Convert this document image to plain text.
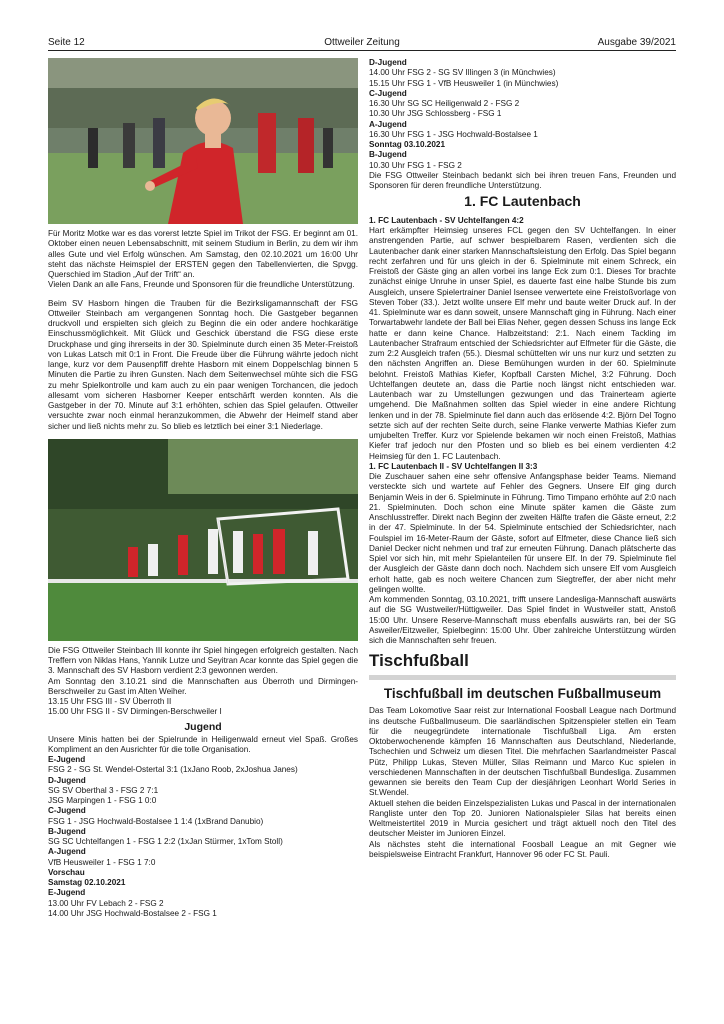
Seite 12	Ottweiler Zeitung	Ausgabe 39/2021

Für Moritz Motke war es das vorerst letzte Spiel im Trikot der FSG. Er beginnt am 01. Oktober einen neuen Lebensabschnitt, mit seinem Studium in Berlin, zu dem wir ihm alles Gute und viel Erfolg wünschen. Am Samstag, den 02.10.2021 um 16:00 Uhr steht das nächste Heimspiel der ERSTEN gegen den Tabellenvierten, die Spvgg. Querschied im Stadion „Auf der Trift“ an.

Vielen Dank an alle Fans, Freunde und Sponsoren für die freundliche Unterstützung.

Beim SV Hasborn hingen die Trauben für die Bezirksligamannschaft der FSG Ottweiler Steinbach am vergangenen Sonntag hoch. Die Gastgeber begannen druckvoll und erspielten sich gleich zu Beginn die ein oder andere hochkarätige Einschussmöglichkeit. Mit Glück und Geschick überstand die FSG diese erste Druckphase und ging ihrerseits in der 30. Spielminute durch einen 35 Meter-Freistoß von Lukas Latsch mit 0:1 in Front. Die Freude über die Führung währte jedoch nicht lange, kurz vor dem Pausenpfiff drehte Hasborn mit einem Doppelschlag binnen 5 Minuten die Partie zu ihren Gunsten. Nach dem Seitenwechsel mühte sich die FSG zu mehr Spielkontrolle und kam auch zu ein paar wenigen Torchancen, die jedoch allesamt vom sicheren Hasborner Keeper entschärft werden konnten. Als die Gastgeber in der 70. Minute auf 3:1 erhöhten, schien das Spiel gelaufen. Ottweiler versuchte zwar noch einmal heranzukommen, die Abwehr der Heimelf stand aber sicher und ließ nichts mehr zu. So blieb es letztlich bei einer 3:1 Niederlage.

Die FSG Ottweiler Steinbach III konnte ihr Spiel hingegen erfolgreich gestalten. Nach Treffern von Niklas Hans, Yannik Lutze und Seyitran Acar konnte das Spiel gegen die 3. Mannschaft des SV Hasborn verdient 2:3 gewonnen werden.

Am Sonntag den 3.10.21 sind die Mannschaften aus Überroth und Dirmingen-Berschweiler zu Gast im Alten Weiher.

13.15 Uhr FSG III - SV Überroth II
15.00 Uhr FSG II - SV Dirmingen-Berschweiler I
Jugend

Unsere Minis hatten bei der Spielrunde in Heiligenwald erneut viel Spaß. Großes Kompliment an den Ausrichter für die tolle Organisation.

E-Jugend
FSG 2 - SG St. Wendel-Ostertal 3:1 (1xJano Roob, 2xJoshua Janes)
D-Jugend
SG SV Oberthal 3 - FSG 2 7:1
JSG Marpingen 1 - FSG 1 0:0
C-Jugend
FSG 1 - JSG Hochwald-Bostalsee 1 1:4 (1xBrand Danubio)
B-Jugend
SG SC Uchtelfangen 1 - FSG 1 2:2 (1xJan Stürmer, 1xTom Stoll)
A-Jugend
VfB Heusweiler 1 - FSG 1 7:0
Vorschau
Samstag 02.10.2021
E-Jugend
13.00 Uhr FV Lebach 2 - FSG 2
14.00 Uhr JSG Hochwald-Bostalsee 2 - FSG 1
D-Jugend
14.00 Uhr FSG 2 - SG SV Illingen 3 (in Münchwies)
15.15 Uhr FSG 1 - VfB Heusweiler 1 (in Münchwies)
C-Jugend
16.30 Uhr SG SC Heiligenwald 2 - FSG 2
10.30 Uhr JSG Schlossberg - FSG 1
A-Jugend
16.30 Uhr FSG 1 - JSG Hochwald-Bostalsee 1
Sonntag 03.10.2021
B-Jugend
10.30 Uhr FSG 1 - FSG 2

Die FSG Ottweiler Steinbach bedankt sich bei ihren treuen Fans, Freunden und Sponsoren für deren freundliche Unterstützung.

1. FC Lautenbach
1. FC Lautenbach - SV Uchtelfangen 4:2

Hart erkämpfter Heimsieg unseres FCL gegen den SV Uchtelfangen. In einer anstrengenden Partie, auf schwer bespielbarem Rasen, verdienten sich die Lautenbacher dank einer starken Mannschaftsleistung den Erfolg. Das Spiel begann recht zerfahren und für uns gleich in der 6. Spielminute mit einem Schreck, ein Freistoß der Gäste ging an allen vorbei ins lange Eck zum 0:1. Dieses Tor brachte zunächst einige Unruhe in unser Spiel, es dauerte fast eine halbe Stunde bis zum Ausgleich, unsere Spielertrainer Daniel Isensee verwertete eine Freistoßvorlage von Steven Tober (33.). Jetzt wollte unsere Elf mehr und baute weiter Druck auf. In der 41. Spielminute war es dann soweit, unsere Mannschaft ging in Führung. Nach einer Torwartabwehr landete der Ball bei Elias Neher, gegen dessen Schuss ins lange Eck hatte er dann keine Chance. Halbzeitstand: 2:1. Nach einem Tackling im Lautenbacher Strafraum entschied der Schiedsrichter auf Elfmeter für die Gäste, die zum 2:2 Ausgleich trafen (55.). Diesmal schüttelten wir uns nur kurz und setzten zu den nächsten Angriffen an. Diese Bemühungen wurden in der 60. Spielminute belohnt. Freistoß Mathias Kiefer, Kopfball Carsten Michel, 3:2 Führung. Doch Uchtelfangen deutete an, dass die Partie noch längst nicht entschieden war. Lautenbach war zu Umstellungen gezwungen und das Trainerteam agierte umgehend. Die Maßnahmen sollten das Spiel wieder in eine andere Richtung lenken und in der 78. Spielminute fiel dann auch das erlösende 4:2. Björn Del Togno setzte sich auf der rechten Seite durch, seine Flanke verwerte Mathias Kiefer zum umjubelten Treffer. Kurz vor Spielende bekamen wir noch einen Freistoß, Mathias Kiefer traf jedoch nur den Pfosten und so blieb es bei einem verdienten 4:2 Heimsieg für den 1. FC Lautenbach.

1. FC Lautenbach II - SV Uchtelfangen II 3:3

Die Zuschauer sahen eine sehr offensive Anfangsphase beider Teams. Niemand versteckte sich und wartete auf Fehler des Gegners. Unsere Elf ging durch Benjamin Weis in der 6. Spielminute in Führung. Timo Timpano erhöhte auf 2:0 nach 21. Spielminuten. Doch schon eine Minute später kamen die Gäste zum Anschlusstreffer. Direkt nach Beginn der zweiten Hälfte trafen die Gäste erneut, 2:2 in der 47. Spielminute. In der 54. Spielminute entschied der Schiedsrichter, nach Foulspiel im 16-Meter-Raum der Gäste, sofort auf Elfmeter, diese Chance ließ sich Daniel Decker nicht nehmen und traf zur erneuten Führung. Danach plätscherte das Spiel vor sich hin, mit mehr Spielanteilen für unsere Elf. In der 79. Spielminute fiel der Ausgleich der Gäste dann doch noch. Nachdem sich unsere Elf vom Ausgleich erholt hatte, gab es noch weitere Chancen zum Siegtreffer, der aber nicht mehr gelingen wollte.

Am kommenden Sonntag, 03.10.2021, trifft unsere Landesliga-Mannschaft auswärts auf die SG Wustweiler/Hüttigweiler. Das Spiel findet in Wustweiler statt, Anstoß 15:00 Uhr. Unsere Reserve-Mannschaft muss ebenfalls auswärts ran, bei der SG Asweiler/Eitzweiler, Spielbeginn: 15:00 Uhr. Über zahlreiche Unterstützung würden sich die Mannschaften sehr freuen.

Tischfußball
Tischfußball im deutschen Fußballmuseum

Das Team Lokomotive Saar reist zur International Foosball League nach Dortmund ins deutsche Fußballmuseum. Die saarländischen Spitzenspieler stellen ein Team für die neugegründete internationale Tischfußball Liga. Am ersten Oktoberwochenende kämpfen 16 Mannschaften aus Deutschland, Niederlande, Tschechien und Schweiz um diesen Titel. Die mehrfachen Saarlandmeister Pascal Pütz, Philipp Lukas, Steven Müller, Silas Reimann und Marco Kuc spielen in verschiedenen Mannschaften in der deutschen Tischfußball Bundesliga. Zusammen gewannen sie bereits den Team Cup der diesjährigen Leonhart World Series in St.Wendel.

Aktuell stehen die beiden Einzelspezialisten Lukas und Pascal in der internationalen Rangliste unter den Top 20. Junioren Nationalspieler Silas hat bereits einen Weltmeistertitel 2019 in Murcia gesichert und trägt aktuell noch den Titel des deutscher Meister im Junioren Einzel.

Als nächstes steht die international Foosball League an mit Gegner wie beispielsweise Eintracht Frankfurt, Hannover 96 oder FC St. Pauli.
